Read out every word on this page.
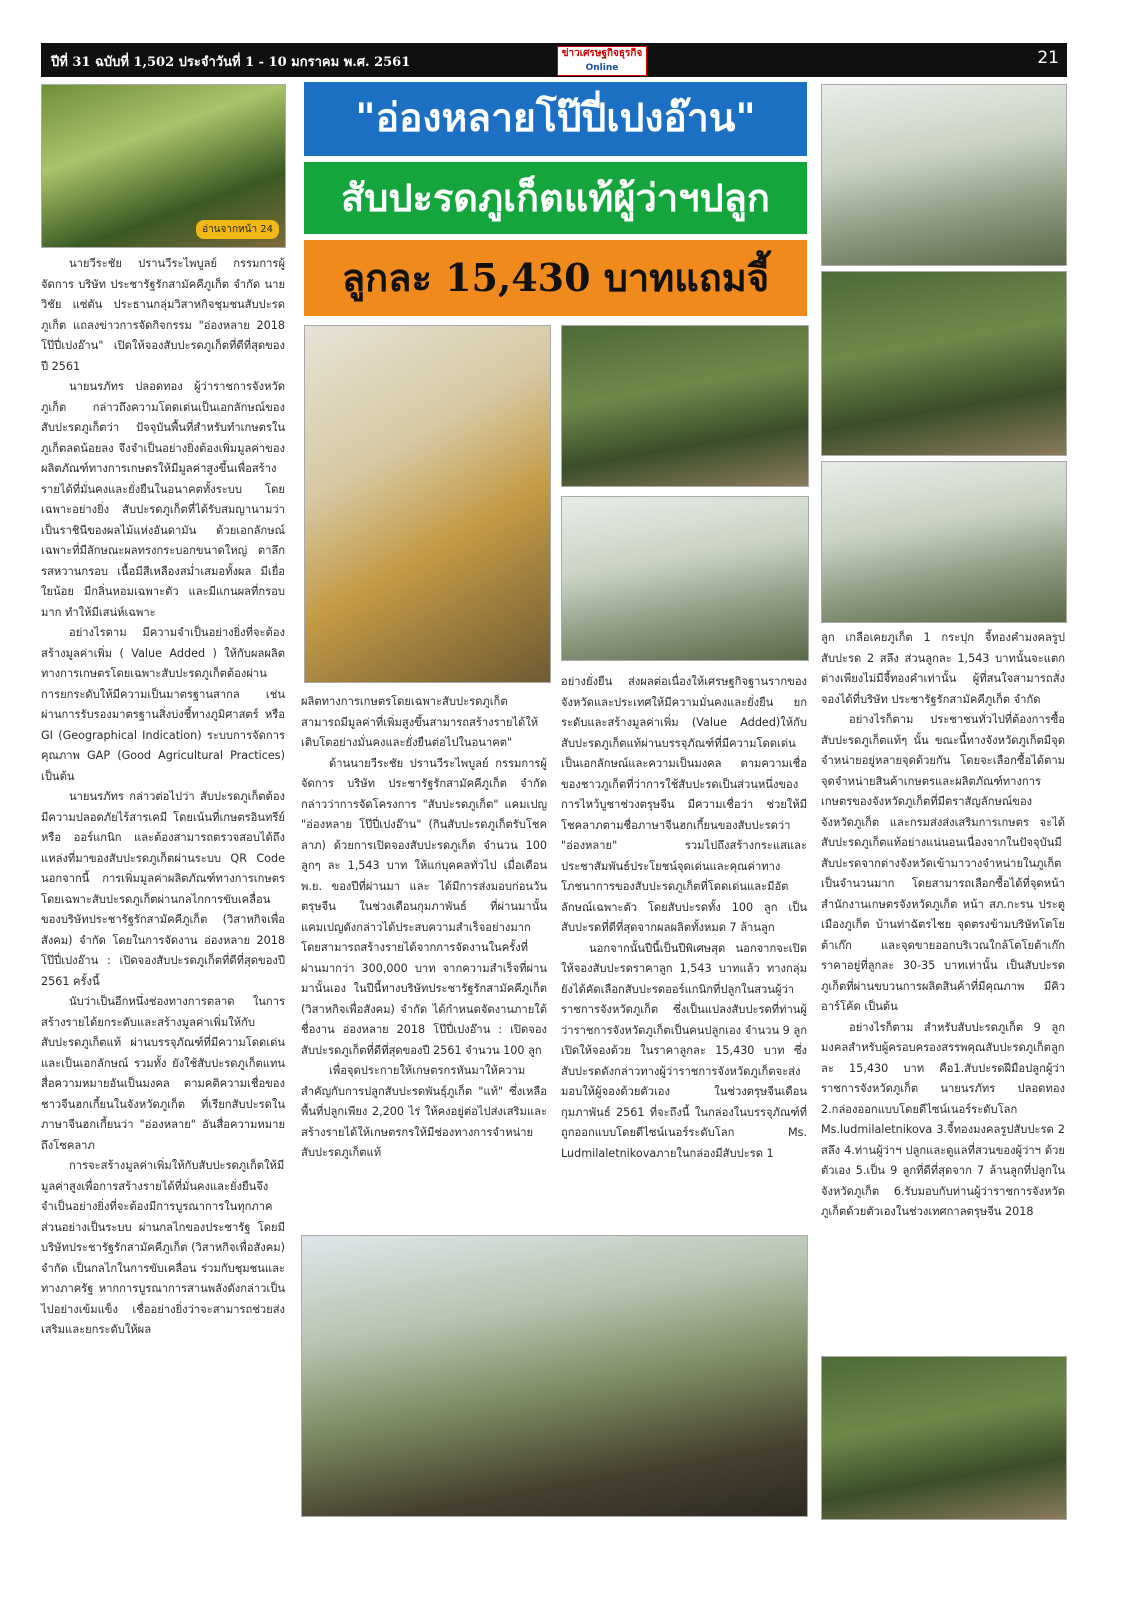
ปีที่ 31 ฉบับที่ 1,502 ประจำวันที่ 1 - 10 มกราคม พ.ศ. 2561
ข่าวเศรษฐกิจธุรกิจ
Online	21
อ่านจากหน้า 24
"อ่องหลายโป๊ปี่เปงอ๊าน"
สับปะรดภูเก็ตแท้ผู้ว่าฯปลูก
ลูกละ 15,430 บาทแถมจี้

นายวีระชัย ปรานวีระไพบูลย์ กรรมการผู้จัดการ บริษัท ประชารัฐรักสามัคคีภูเก็ต จำกัด นายวิชัย แซ่ตัน ประธานกลุ่มวิสาหกิจชุมชนสับปะรดภูเก็ต แถลงข่าวการจัดกิจกรรม "อ่องหลาย 2018 โป๊ปี่เปงอ๊าน" เปิดให้จองสับปะรดภูเก็ตที่ดีที่สุดของปี 2561

นายนรภัทร ปลอดทอง ผู้ว่าราชการจังหวัดภูเก็ต กล่าวถึงความโดดเด่นเป็นเอกลักษณ์ของสับปะรดภูเก็ตว่า ปัจจุบันพื้นที่สำหรับทำเกษตรในภูเก็ตลดน้อยลง จึงจำเป็นอย่างยิ่งต้องเพิ่มมูลค่าของผลิตภัณฑ์ทางการเกษตรให้มีมูลค่าสูงขึ้นเพื่อสร้างรายได้ที่มั่นคงและยั่งยืนในอนาคตทั้งระบบ โดยเฉพาะอย่างยิ่ง สับปะรดภูเก็ตที่ได้รับสมญานามว่าเป็นราชินีของผลไม้แห่งอันดามัน ด้วยเอกลักษณ์เฉพาะที่มีลักษณะผลทรงกระบอกขนาดใหญ่ ตาลึก รสหวานกรอบ เนื้อมีสีเหลืองสม่ำเสมอทั้งผล มีเยื่อใยน้อย มีกลิ่นหอมเฉพาะตัว และมีแกนผลที่กรอบมาก ทำให้มีเสน่ห์เฉพาะ

อย่างไรตาม มีความจำเป็นอย่างยิ่งที่จะต้องสร้างมูลค่าเพิ่ม ( Value Added ) ให้กับผลผลิตทางการเกษตรโดยเฉพาะสับปะรดภูเก็ตต้องผ่านการยกระดับให้มีความเป็นมาตรฐานสากล เช่น ผ่านการรับรองมาตรฐานสิ่งบ่งชี้ทางภูมิศาสตร์ หรือ GI (Geographical Indication) ระบบการจัดการคุณภาพ GAP (Good Agricultural Practices) เป็นต้น

นายนรภัทร กล่าวต่อไปว่า สับปะรดภูเก็ตต้องมีความปลอดภัยไร้สารเคมี โดยเน้นที่เกษตรอินทรีย์หรือ ออร์แกนิก และต้องสามารถตรวจสอบได้ถึงแหล่งที่มาของสับปะรดภูเก็ตผ่านระบบ QR Code นอกจากนี้ การเพิ่มมูลค่าผลิตภัณฑ์ทางการเกษตรโดยเฉพาะสับปะรดภูเก็ตผ่านกลไกการขับเคลื่อนของบริษัทประชารัฐรักสามัคคีภูเก็ต (วิสาหกิจเพื่อสังคม) จำกัด โดยในการจัดงาน อ่องหลาย 2018 โป๊ปี่เปงอ๊าน : เปิดจองสับปะรดภูเก็ตที่ดีที่สุดของปี 2561 ครั้งนี้

นับว่าเป็นอีกหนึ่งช่องทางการตลาด ในการสร้างรายได้ยกระดับและสร้างมูลค่าเพิ่มให้กับสับปะรดภูเก็ตแท้ ผ่านบรรจุภัณฑ์ที่มีความโดดเด่นและเป็นเอกลักษณ์ รวมทั้ง ยังใช้สับปะรดภูเก็ตแทนสื่อความหมายอันเป็นมงคล ตามคติความเชื่อของชาวจีนฮกเกี้ยนในจังหวัดภูเก็ต ที่เรียกสับปะรดในภาษาจีนฮกเกี้ยนว่า "อ่องหลาย" อันสื่อความหมายถึงโชคลาภ

การจะสร้างมูลค่าเพิ่มให้กับสับปะรดภูเก็ตให้มีมูลค่าสูงเพื่อการสร้างรายได้ที่มั่นคงและยั่งยืนจึงจำเป็นอย่างยิ่งที่จะต้องมีการบูรณาการในทุกภาคส่วนอย่างเป็นระบบ ผ่านกลไกของประชารัฐ โดยมีบริษัทประชารัฐรักสามัคคีภูเก็ต (วิสาหกิจเพื่อสังคม) จำกัด เป็นกลไกในการขับเคลื่อน ร่วมกับชุมชนและทางภาครัฐ หากการบูรณาการสานพลังดังกล่าวเป็นไปอย่างเข้มแข็ง เชื่ออย่างยิ่งว่าจะสามารถช่วยส่งเสริมและยกระดับให้ผล

ผลิตทางการเกษตรโดยเฉพาะสับปะรดภูเก็ตสามารถมีมูลค่าที่เพิ่มสูงขึ้นสามารถสร้างรายได้ให้เติบโตอย่างมั่นคงและยั่งยืนต่อไปในอนาคต"

ด้านนายวีระชัย ปรานวีระไพบูลย์ กรรมการผู้จัดการ บริษัท ประชารัฐรักสามัคคีภูเก็ต จำกัด กล่าวว่าการจัดโครงการ "สับปะรดภูเก็ต" แคมเปญ "อ่องหลาย โป๊ปี่เปงอ๊าน" (กินสับปะรดภูเก็ตรับโชคลาภ) ด้วยการเปิดจองสับปะรดภูเก็ต จำนวน 100 ลูกๆ ละ 1,543 บาท ให้แก่บุคคลทั่วไป เมื่อเดือนพ.ย. ของปีที่ผ่านมา และ ได้มีการส่งมอบก่อนวันตรุษจีน ในช่วงเดือนกุมภาพันธ์ ที่ผ่านมานั้นแคมเปญดังกล่าวได้ประสบความสำเร็จอย่างมาก โดยสามารถสร้างรายได้จากการจัดงานในครั้งที่ผ่านมากว่า 300,000 บาท จากความสำเร็จที่ผ่านมานั้นเอง ในปีนี้ทางบริษัทประชารัฐรักสามัคคีภูเก็ต (วิสาหกิจเพื่อสังคม) จำกัด ได้กำหนดจัดงานภายใต้ชื่องาน อ่องหลาย 2018 โป๊ปี่เปงอ๊าน : เปิดจองสับปะรดภูเก็ตที่ดีที่สุดของปี 2561 จำนวน 100 ลูก

เพื่อจุดประกายให้เกษตรกรหันมาให้ความสำคัญกับการปลูกสับปะรดพันธุ์ภูเก็ต "แท้" ซึ่งเหลือพื้นที่ปลูกเพียง 2,200 ไร่ ให้คงอยู่ต่อไปส่งเสริมและสร้างรายได้ให้เกษตรกรให้มีช่องทางการจำหน่ายสับปะรดภูเก็ตแท้

อย่างยั่งยืน ส่งผลต่อเนื่องให้เศรษฐกิจฐานรากของจังหวัดและประเทศให้มีความมั่นคงและยั่งยืน ยกระดับและสร้างมูลค่าเพิ่ม (Value Added)ให้กับสับปะรดภูเก็ตแท้ผ่านบรรจุภัณฑ์ที่มีความโดดเด่นเป็นเอกลักษณ์และความเป็นมงคล ตามความเชื่อของชาวภูเก็ตที่ว่าการใช้สับปะรดเป็นส่วนหนึ่งของการไหว้บูชาช่วงตรุษจีน มีความเชื่อว่า ช่วยให้มีโชคลาภตามชื่อภาษาจีนฮกเกี้ยนของสับปะรดว่า "อ่องหลาย" รวมไปถึงสร้างกระแสและประชาสัมพันธ์ประโยชน์จุดเด่นและคุณค่าทางโภชนาการของสับปะรดภูเก็ตที่โดดเด่นและมีอัตลักษณ์เฉพาะตัว โดยสับปะรดทั้ง 100 ลูก เป็นสับปะรดที่ดีที่สุดจากผลผลิตทั้งหมด 7 ล้านลูก

นอกจากนั้นปีนี้เป็นปีพิเศษสุด นอกจากจะเปิดให้จองสับปะรดราคาลูก 1,543 บาทแล้ว ทางกลุ่มยังได้คัดเลือกสับปะรดออร์แกนิกที่ปลูกในสวนผู้ว่าราชการจังหวัดภูเก็ต ซึ่งเป็นแปลงสับปะรดที่ท่านผู้ว่าราชการจังหวัดภูเก็ตเป็นคนปลูกเอง จำนวน 9 ลูก เปิดให้จองด้วย ในราคาลูกละ 15,430 บาท ซึ่งสับปะรดดังกล่าวทางผู้ว่าราชการจังหวัดภูเก็ตจะส่งมอบให้ผู้จองด้วยตัวเอง ในช่วงตรุษจีนเดือนกุมภาพันธ์ 2561 ที่จะถึงนี้ ในกล่องในบรรจุภัณฑ์ที่ถูกออกแบบโดยดีไซน์เนอร์ระดับโลก Ms. Ludmilaletnikovaภายในกล่องมีสับปะรด 1

ลูก เกลือเคยภูเก็ต 1 กระปุก จี้ทองคำมงคลรูปสับปะรด 2 สลึง ส่วนลูกละ 1,543 บาทนั้นจะแตกต่างเพียงไม่มีจี้ทองคำเท่านั้น ผู้ที่สนใจสามารถสั่งจองได้ที่บริษัท ประชารัฐรักสามัคคีภูเก็ต จำกัด

อย่างไรก็ตาม ประชาชนทั่วไปที่ต้องการซื้อสับปะรดภูเก็ตแท้ๆ นั้น ขณะนี้ทางจังหวัดภูเก็ตมีจุดจำหน่ายอยู่หลายจุดด้วยกัน โดยจะเลือกซื้อได้ตามจุดจำหน่ายสินค้าเกษตรและผลิตภัณฑ์ทางการเกษตรของจังหวัดภูเก็ตที่มีตราสัญลักษณ์ของจังหวัดภูเก็ต และกรมส่งส่งเสริมการเกษตร จะได้สับปะรดภูเก็ตแท้อย่างแน่นอนเนื่องจากในปัจจุบันมีสับปะรดจากต่างจังหวัดเข้ามาวางจำหน่ายในภูเก็ตเป็นจำนวนมาก โดยสามารถเลือกซื้อได้ที่จุดหน้าสำนักงานเกษตรจังหวัดภูเก็ต หน้า สภ.กะรน ประตูเมืองภูเก็ต บ้านท่าฉัตรไชย จุดตรงข้ามบริษัทโตโยต้าเก๊ก และจุดขายออกบริเวณใกล้โตโยต้าเก๊ก ราคาอยู่ที่ลูกละ 30-35 บาทเท่านั้น เป็นสับปะรดภูเก็ตที่ผ่านขบวนการผลิตสินค้าที่มีคุณภาพ มีคิวอาร์โค้ด เป็นต้น

อย่างไรก็ตาม สำหรับสับปะรดภูเก็ต 9 ลูกมงคลสำหรับผู้ครอบครองสรรพคุณสับปะรดภูเก็ตลูกละ 15,430 บาท คือ1.สับปะรดฝีมือปลูกผู้ว่าราชการจังหวัดภูเก็ต นายนรภัทร ปลอดทอง 2.กล่องออกแบบโดยดีไซน์เนอร์ระดับโลก Ms.ludmilaletnikova 3.จี้ทองมงคลรูปสับปะรด 2 สลึง 4.ท่านผู้ว่าฯ ปลูกและดูแลที่สวนของผู้ว่าฯ ด้วยตัวเอง 5.เป็น 9 ลูกที่ดีที่สุดจาก 7 ล้านลูกที่ปลูกในจังหวัดภูเก็ต 6.รับมอบกับท่านผู้ว่าราชการจังหวัดภูเก็ตด้วยตัวเองในช่วงเทศกาลตรุษจีน 2018
